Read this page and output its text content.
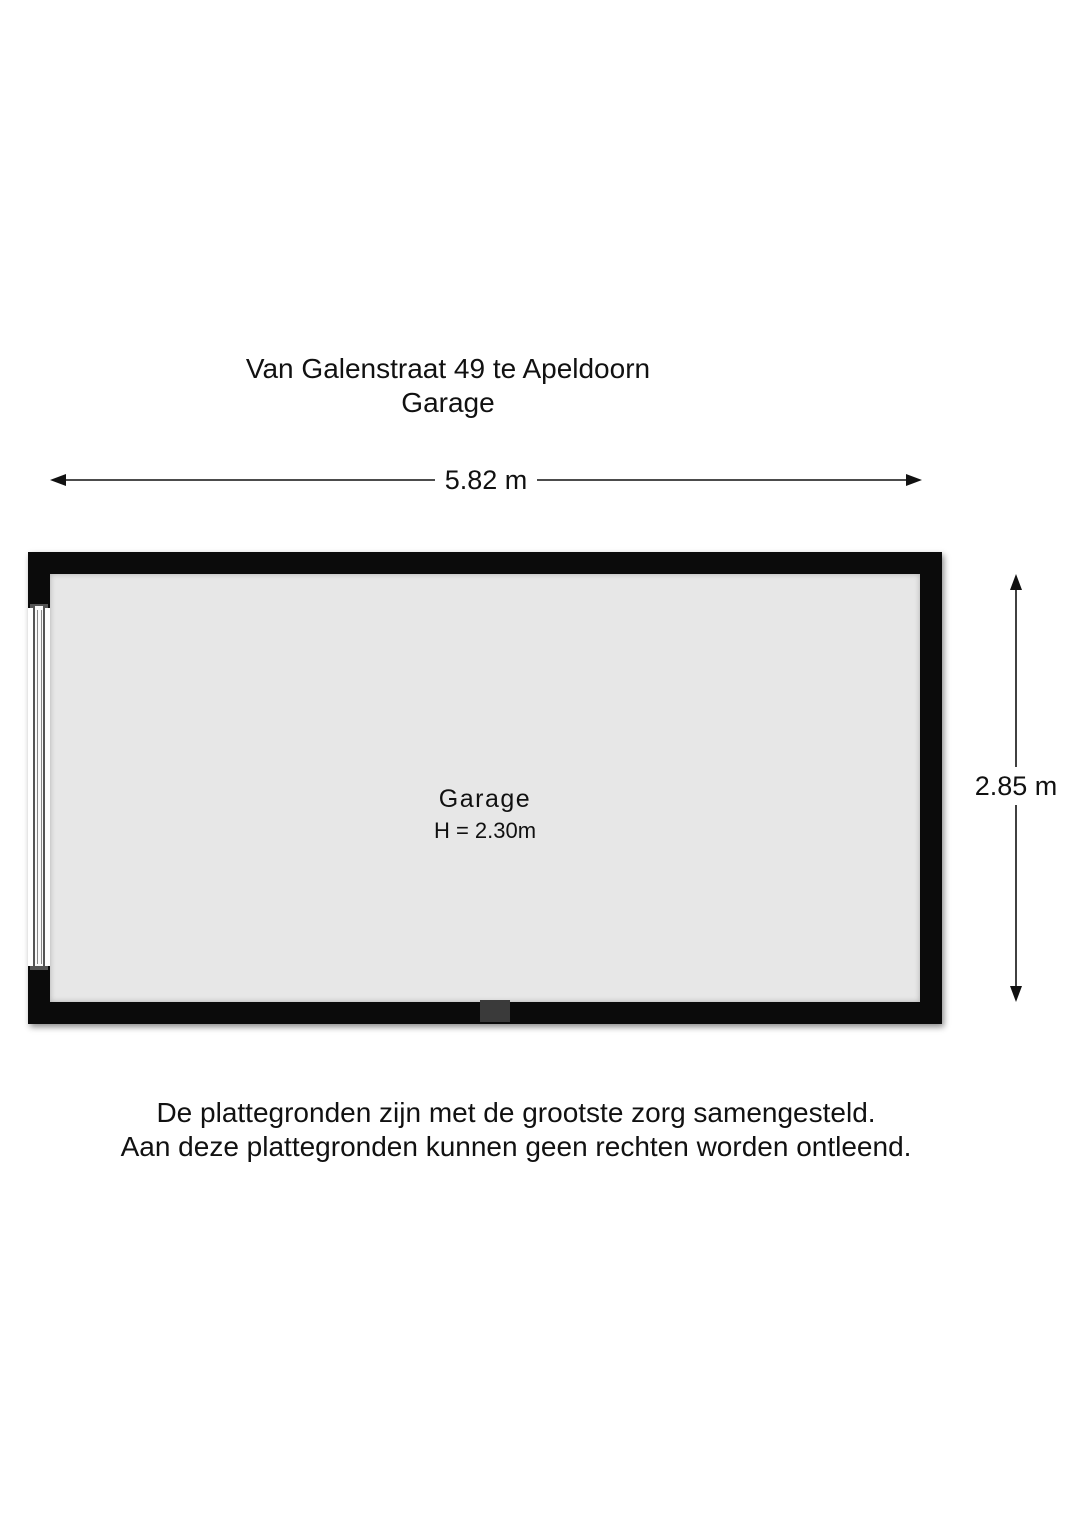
Van Galenstraat 49 te Apeldoorn
Garage
5.82 m
2.85 m
Garage
H = 2.30m
De plattegronden zijn met de grootste zorg samengesteld.
Aan deze plattegronden kunnen geen rechten worden ontleend.
